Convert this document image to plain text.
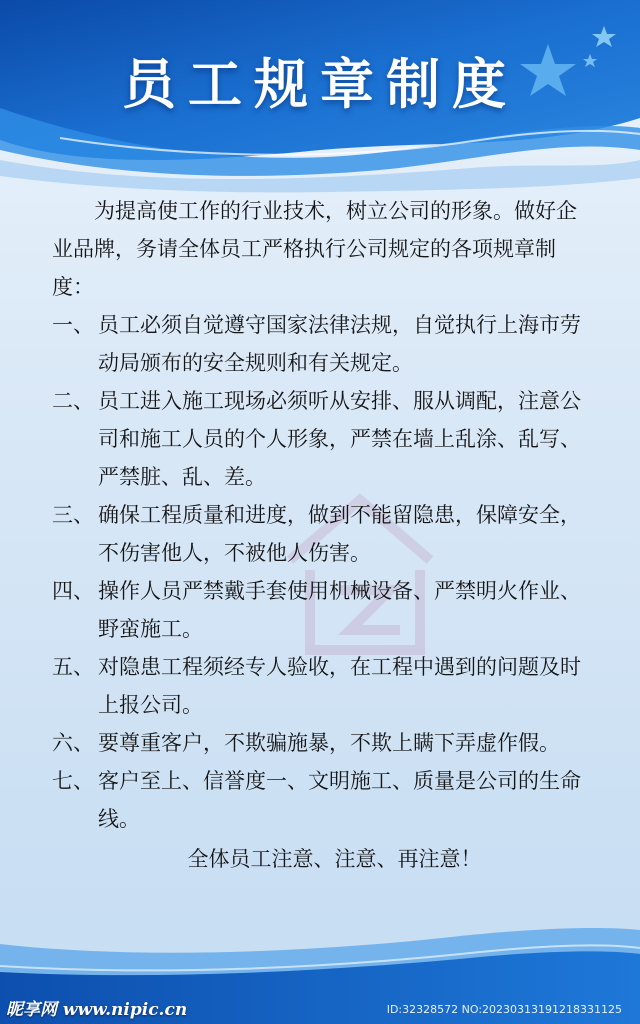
员工规章制度

为提高使工作的行业技术，树立公司的形象。做好企业品牌，务请全体员工严格执行公司规定的各项规章制度：

一、 员工必须自觉遵守国家法律法规，自觉执行上海市劳动局颁布的安全规则和有关规定。
二、 员工进入施工现场必须听从安排、服从调配，注意公司和施工人员的个人形象，严禁在墙上乱涂、乱写、严禁脏、乱、差。
三、 确保工程质量和进度，做到不能留隐患，保障安全，不伤害他人，不被他人伤害。
四、 操作人员严禁戴手套使用机械设备、严禁明火作业、野蛮施工。
五、 对隐患工程须经专人验收，在工程中遇到的问题及时上报公司。
六、 要尊重客户，不欺骗施暴，不欺上瞒下弄虚作假。
七、 客户至上、信誉度一、文明施工、质量是公司的生命线。

全体员工注意、注意、再注意！

昵享网 www.nipic.cn	ID:32328572 NO:20230313191218331125
